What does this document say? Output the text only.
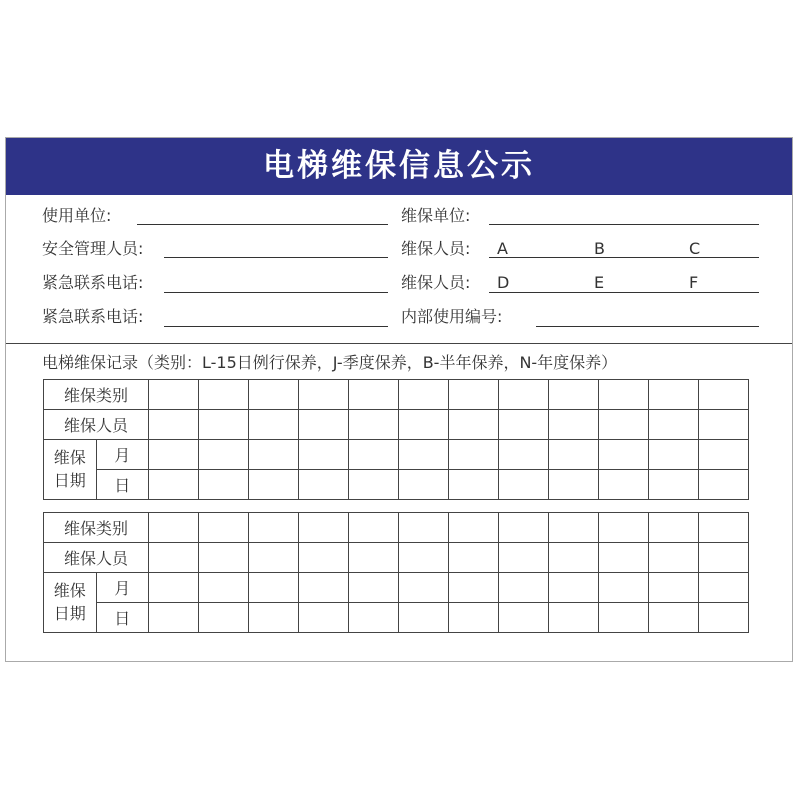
电梯维保信息公示
使用单位:
安全管理人员:
紧急联系电话:
紧急联系电话:
维保单位:
维保人员: A	B	C
维保人员: D	E	F
内部使用编号:
电梯维保记录（类别：L-15日例行保养，J-季度保养，B-半年保养，N-年度保养）
维保类别													
维保人员													
维保
日期	月												
	日												
维保类别													
维保人员													
维保
日期	月												
	日												
